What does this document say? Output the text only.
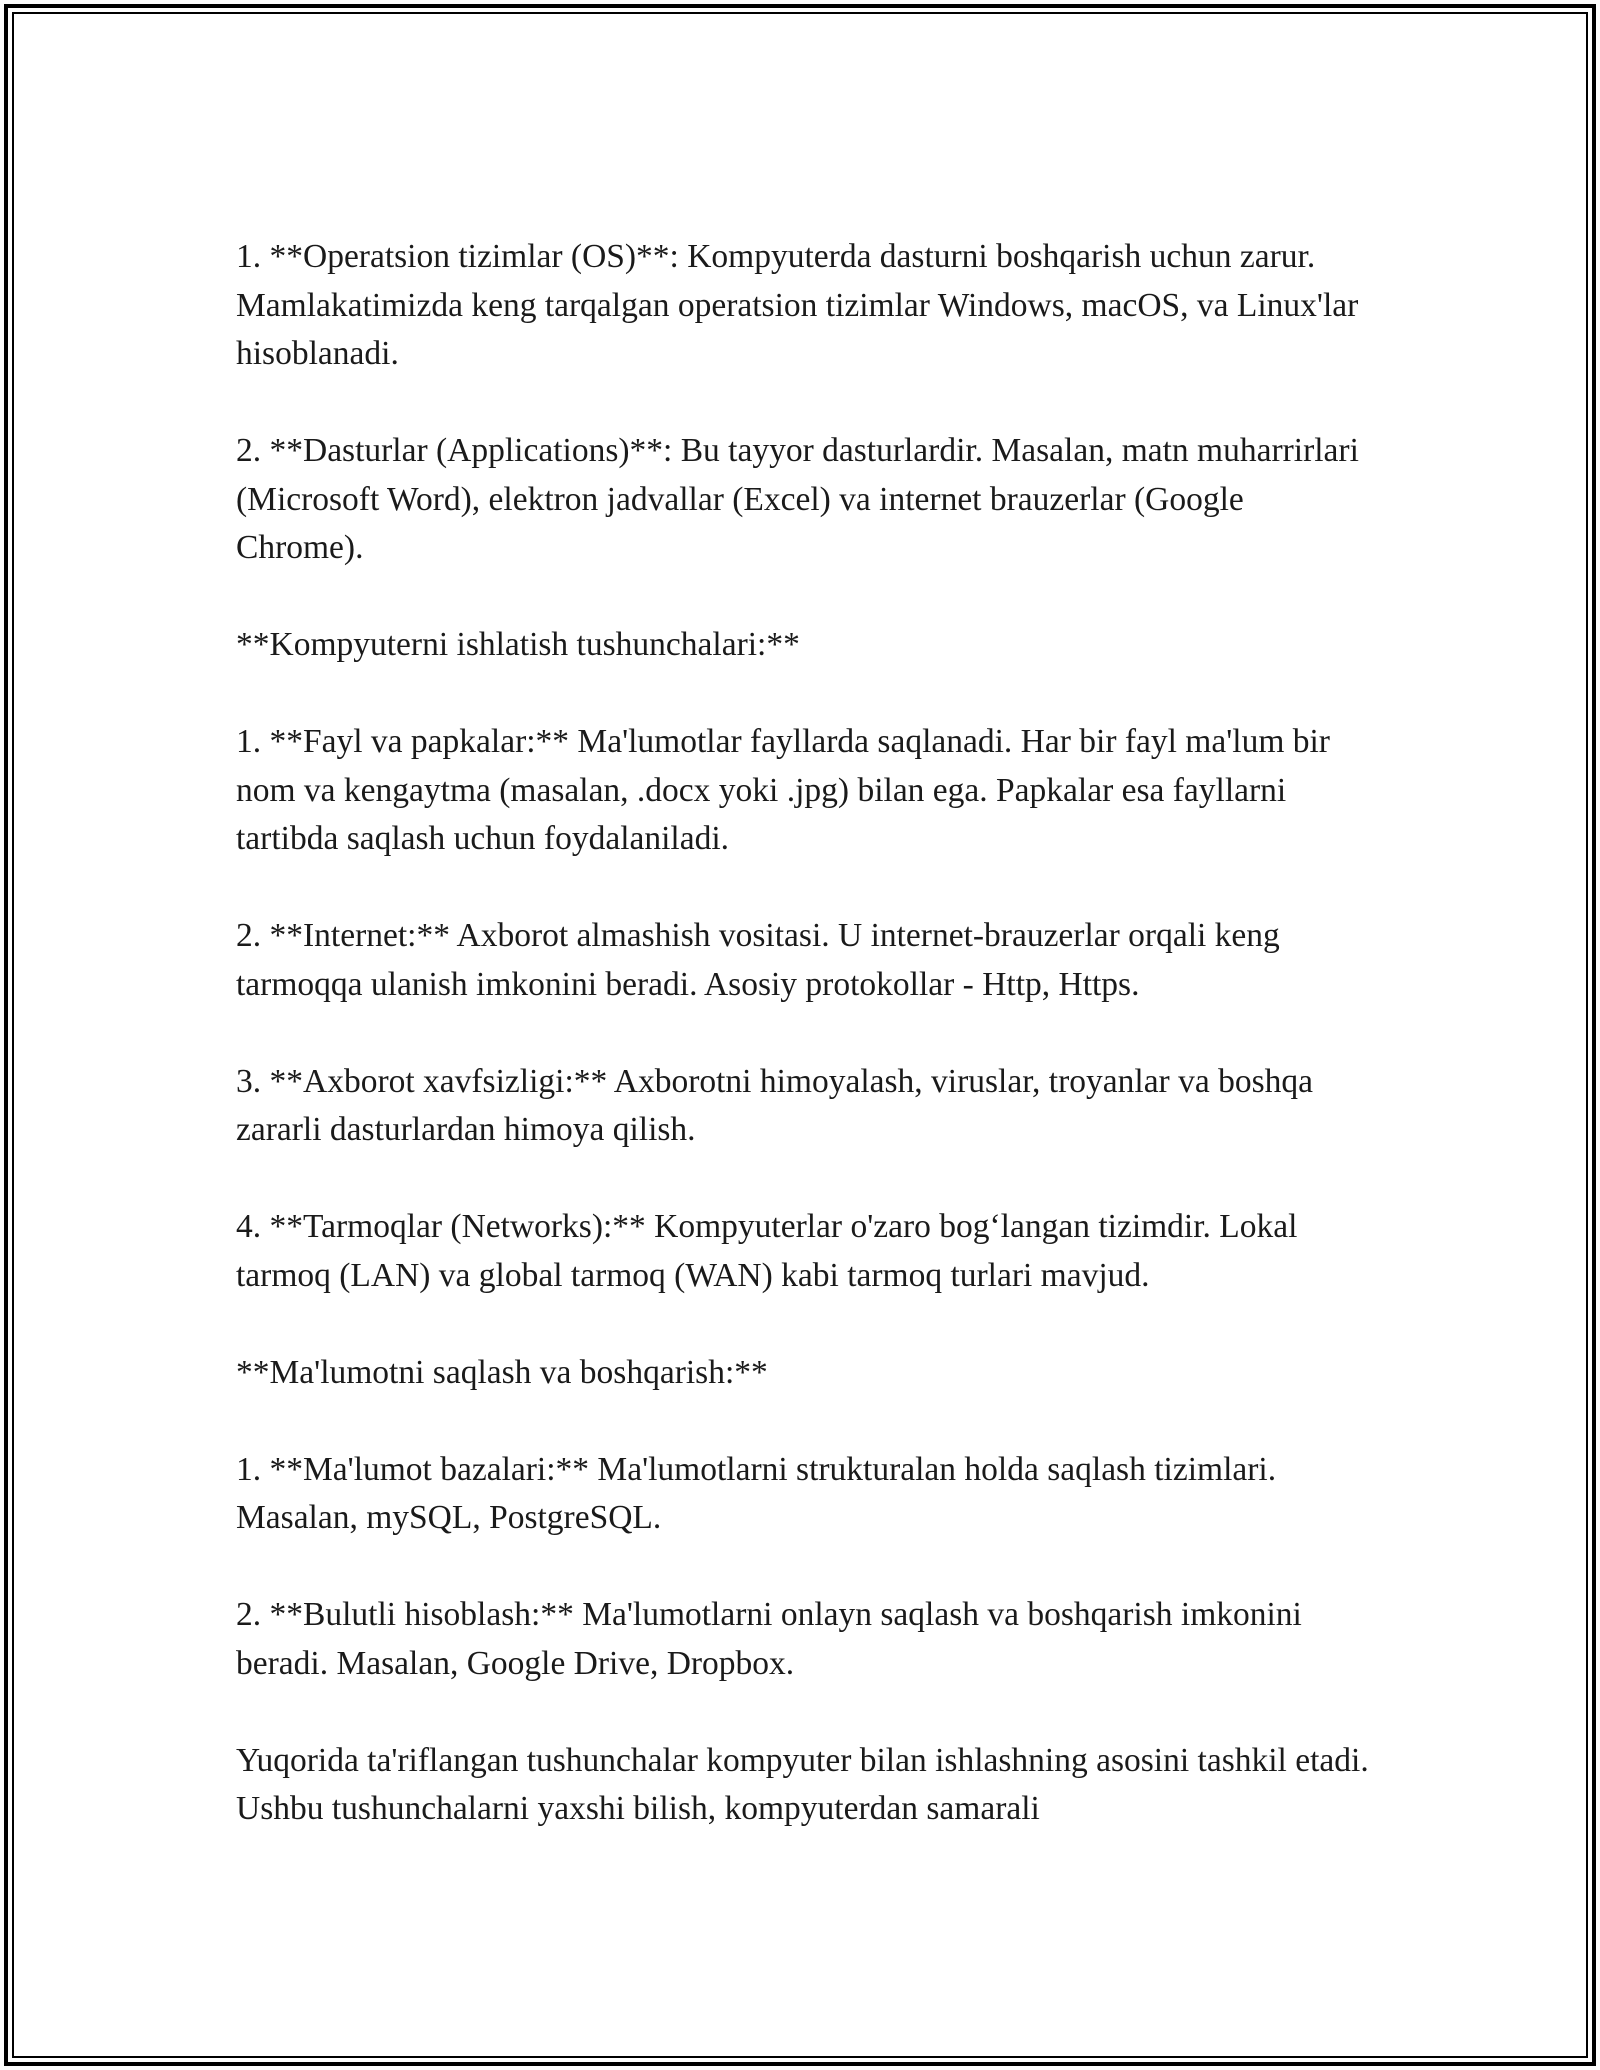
1. **Operatsion tizimlar (OS)**: Kompyuterda dasturni boshqarish uchun zarur. Mamlakatimizda keng tarqalgan operatsion tizimlar Windows, macOS, va Linux'lar hisoblanadi.

2. **Dasturlar (Applications)**: Bu tayyor dasturlardir. Masalan, matn muharrirlari (Microsoft Word), elektron jadvallar (Excel) va internet brauzerlar (Google Chrome).

**Kompyuterni ishlatish tushunchalari:**

1. **Fayl va papkalar:** Ma'lumotlar fayllarda saqlanadi. Har bir fayl ma'lum bir nom va kengaytma (masalan, .docx yoki .jpg) bilan ega. Papkalar esa fayllarni tartibda saqlash uchun foydalaniladi.

2. **Internet:** Axborot almashish vositasi. U internet-brauzerlar orqali keng tarmoqqa ulanish imkonini beradi. Asosiy protokollar - Http, Https.

3. **Axborot xavfsizligi:** Axborotni himoyalash, viruslar, troyanlar va boshqa zararli dasturlardan himoya qilish.

4. **Tarmoqlar (Networks):** Kompyuterlar o'zaro bog‘langan tizimdir. Lokal tarmoq (LAN) va global tarmoq (WAN) kabi tarmoq turlari mavjud.

**Ma'lumotni saqlash va boshqarish:**

1. **Ma'lumot bazalari:** Ma'lumotlarni strukturalan holda saqlash tizimlari. Masalan, mySQL, PostgreSQL.

2. **Bulutli hisoblash:** Ma'lumotlarni onlayn saqlash va boshqarish imkonini beradi. Masalan, Google Drive, Dropbox.

Yuqorida ta'riflangan tushunchalar kompyuter bilan ishlashning asosini tashkil etadi. Ushbu tushunchalarni yaxshi bilish, kompyuterdan samarali
